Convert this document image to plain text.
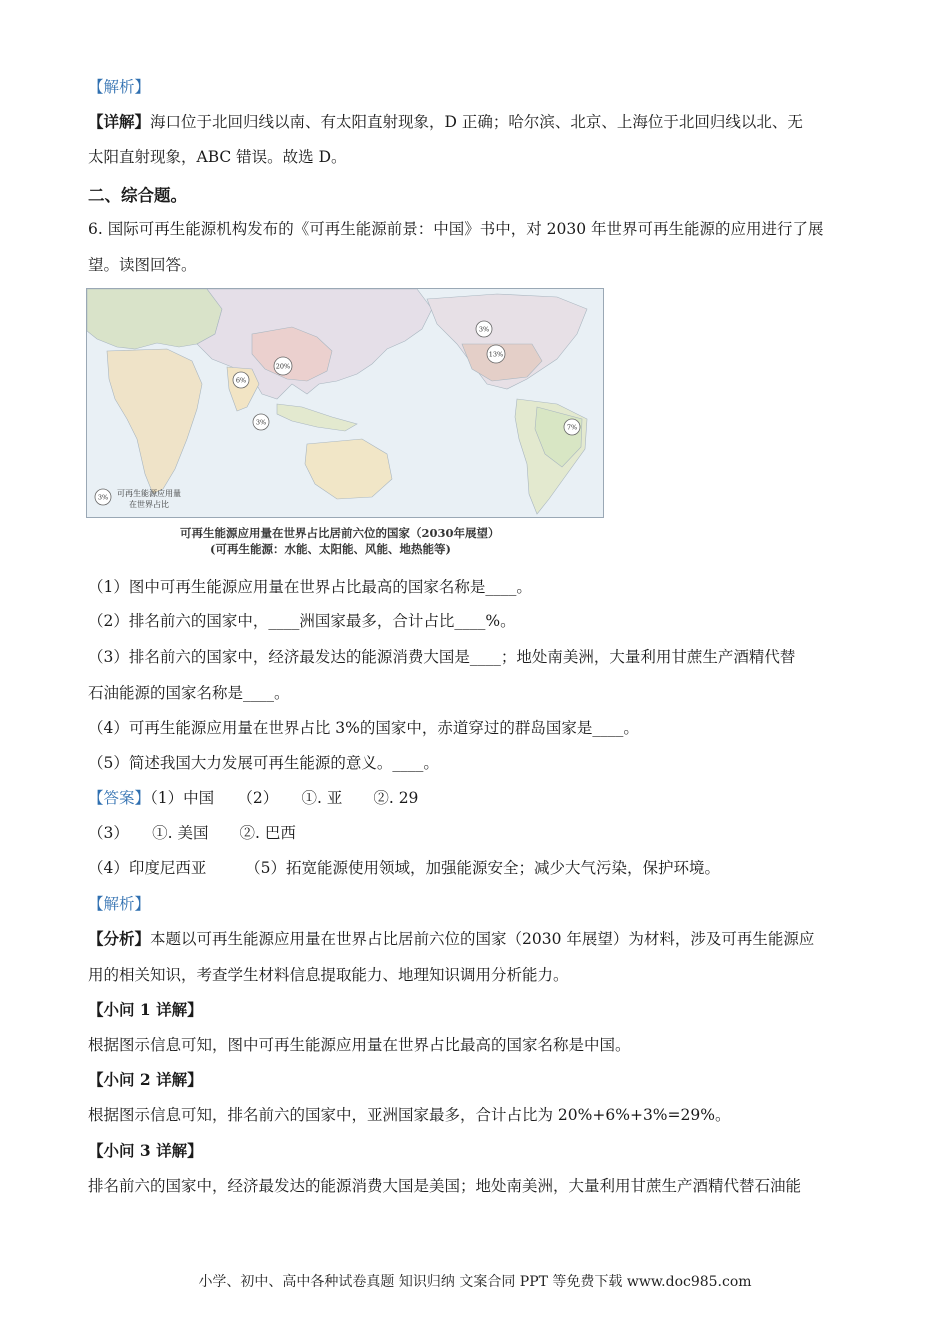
【解析】
【详解】海口位于北回归线以南、有太阳直射现象，D 正确；哈尔滨、北京、上海位于北回归线以北、无
太阳直射现象，ABC 错误。故选 D。
二、综合题。
6. 国际可再生能源机构发布的《可再生能源前景：中国》书中，对 2030 年世界可再生能源的应用进行了展
望。读图回答。
20%
6%
3%
3%
13%
7%
3% 可再生能源应用量
在世界占比
可再生能源应用量在世界占比居前六位的国家（2030年展望）
(可再生能源：水能、太阳能、风能、地热能等)
（1）图中可再生能源应用量在世界占比最高的国家名称是____。
（2）排名前六的国家中，____洲国家最多，合计占比____%。
（3）排名前六的国家中，经济最发达的能源消费大国是____；地处南美洲，大量利用甘蔗生产酒精代替
石油能源的国家名称是____。
（4）可再生能源应用量在世界占比 3%的国家中，赤道穿过的群岛国家是____。
（5）简述我国大力发展可再生能源的意义。____。
【答案】（1）中国　　（2）　　①. 亚　　②. 29
（3）　　①. 美国　　②. 巴西
（4）印度尼西亚　　　（5）拓宽能源使用领域，加强能源安全；减少大气污染，保护环境。
【解析】
【分析】本题以可再生能源应用量在世界占比居前六位的国家（2030 年展望）为材料，涉及可再生能源应
用的相关知识，考查学生材料信息提取能力、地理知识调用分析能力。
【小问 1 详解】
根据图示信息可知，图中可再生能源应用量在世界占比最高的国家名称是中国。
【小问 2 详解】
根据图示信息可知，排名前六的国家中，亚洲国家最多，合计占比为 20%+6%+3%=29%。
【小问 3 详解】
排名前六的国家中，经济最发达的能源消费大国是美国；地处南美洲，大量利用甘蔗生产酒精代替石油能
小学、初中、高中各种试卷真题 知识归纳 文案合同 PPT 等免费下载 www.doc985.com
